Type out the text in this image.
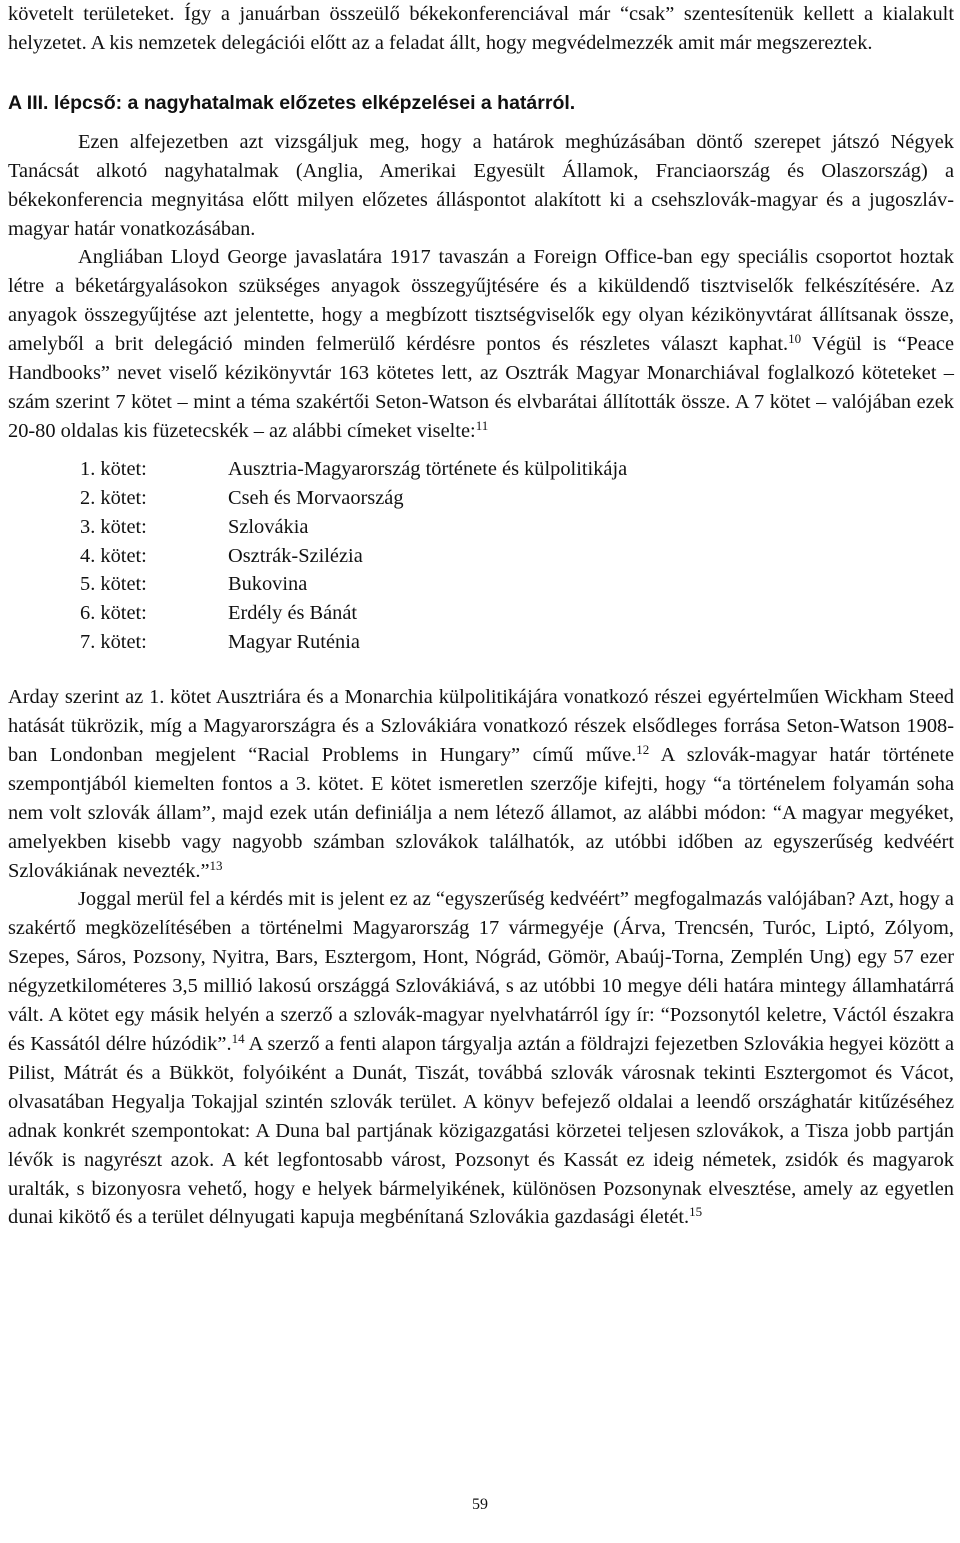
követelt területeket. Így a januárban összeülő békekonferenciával már “csak” szentesítenük kellett a kialakult helyzetet. A kis nemzetek delegációi előtt az a feladat állt, hogy megvédelmezzék amit már megszereztek.

A III. lépcső: a nagyhatalmak előzetes elképzelései a határról.

Ezen alfejezetben azt vizsgáljuk meg, hogy a határok meghúzásában döntő szerepet játszó Négyek Tanácsát alkotó nagyhatalmak (Anglia, Amerikai Egyesült Államok, Franciaország és Olaszország) a békekonferencia megnyitása előtt milyen előzetes álláspontot alakított ki a csehszlovák-magyar és a jugoszláv-magyar határ vonatkozásában.

Angliában Lloyd George javaslatára 1917 tavaszán a Foreign Office-ban egy speciális csoportot hoztak létre a béketárgyalásokon szükséges anyagok összegyűjtésére és a kiküldendő tisztviselők felkészítésére. Az anyagok összegyűjtése azt jelentette, hogy a megbízott tisztségviselők egy olyan kézikönyvtárat állítsanak össze, amelyből a brit delegáció minden felmerülő kérdésre pontos és részletes választ kaphat.$^{10}$ Végül is “Peace Handbooks” nevet viselő kézikönyvtár 163 kötetes lett, az Osztrák Magyar Monarchiával foglalkozó köteteket – szám szerint 7 kötet – mint a téma szakértői Seton-Watson és elvbarátai állították össze. A 7 kötet – valójában ezek 20-80 oldalas kis füzetecskék – az alábbi címeket viselte:$^{11}$

1. kötet:	Ausztria-Magyarország története és külpolitikája
2. kötet:	Cseh és Morvaország
3. kötet:	Szlovákia
4. kötet:	Osztrák-Szilézia
5. kötet:	Bukovina
6. kötet:	Erdély és Bánát
7. kötet:	Magyar Ruténia

Arday szerint az 1. kötet Ausztriára és a Monarchia külpolitikájára vonatkozó részei egyértelműen Wickham Steed hatását tükrözik, míg a Magyarországra és a Szlovákiára vonatkozó részek elsődleges forrása Seton-Watson 1908-ban Londonban megjelent “Racial Problems in Hungary” című műve.$^{12}$ A szlovák-magyar határ története szempontjából kiemelten fontos a 3. kötet. E kötet ismeretlen szerzője kifejti, hogy “a történelem folyamán soha nem volt szlovák állam”, majd ezek után definiálja a nem létező államot, az alábbi módon: “A magyar megyéket, amelyekben kisebb vagy nagyobb számban szlovákok találhatók, az utóbbi időben az egyszerűség kedvéért Szlovákiának nevezték.”$^{13}$

Joggal merül fel a kérdés mit is jelent ez az “egyszerűség kedvéért” megfogalmazás valójában? Azt, hogy a szakértő megközelítésében a történelmi Magyarország 17 vármegyéje (Árva, Trencsén, Turóc, Liptó, Zólyom, Szepes, Sáros, Pozsony, Nyitra, Bars, Esztergom, Hont, Nógrád, Gömör, Abaúj-Torna, Zemplén Ung) egy 57 ezer négyzetkilométeres 3,5 millió lakosú országgá Szlovákiává, s az utóbbi 10 megye déli határa mintegy államhatárrá vált. A kötet egy másik helyén a szerző a szlovák-magyar nyelvhatárról így ír: “Pozsonytól keletre, Váctól északra és Kassától délre húzódik”.$^{14}$ A szerző a fenti alapon tárgyalja aztán a földrajzi fejezetben Szlovákia hegyei között a Pilist, Mátrát és a Bükköt, folyóiként a Dunát, Tiszát, továbbá szlovák városnak tekinti Esztergomot és Vácot, olvasatában Hegyalja Tokajjal szintén szlovák terület. A könyv befejező oldalai a leendő országhatár kitűzéséhez adnak konkrét szempontokat: A Duna bal partjának közigazgatási körzetei teljesen szlovákok, a Tisza jobb partján lévők is nagyrészt azok. A két legfontosabb várost, Pozsonyt és Kassát ez ideig németek, zsidók és magyarok uralták, s bizonyosra vehető, hogy e helyek bármelyikének, különösen Pozsonynak elvesztése, amely az egyetlen dunai kikötő és a terület délnyugati kapuja megbénítaná Szlovákia gazdasági életét.$^{15}$

59
